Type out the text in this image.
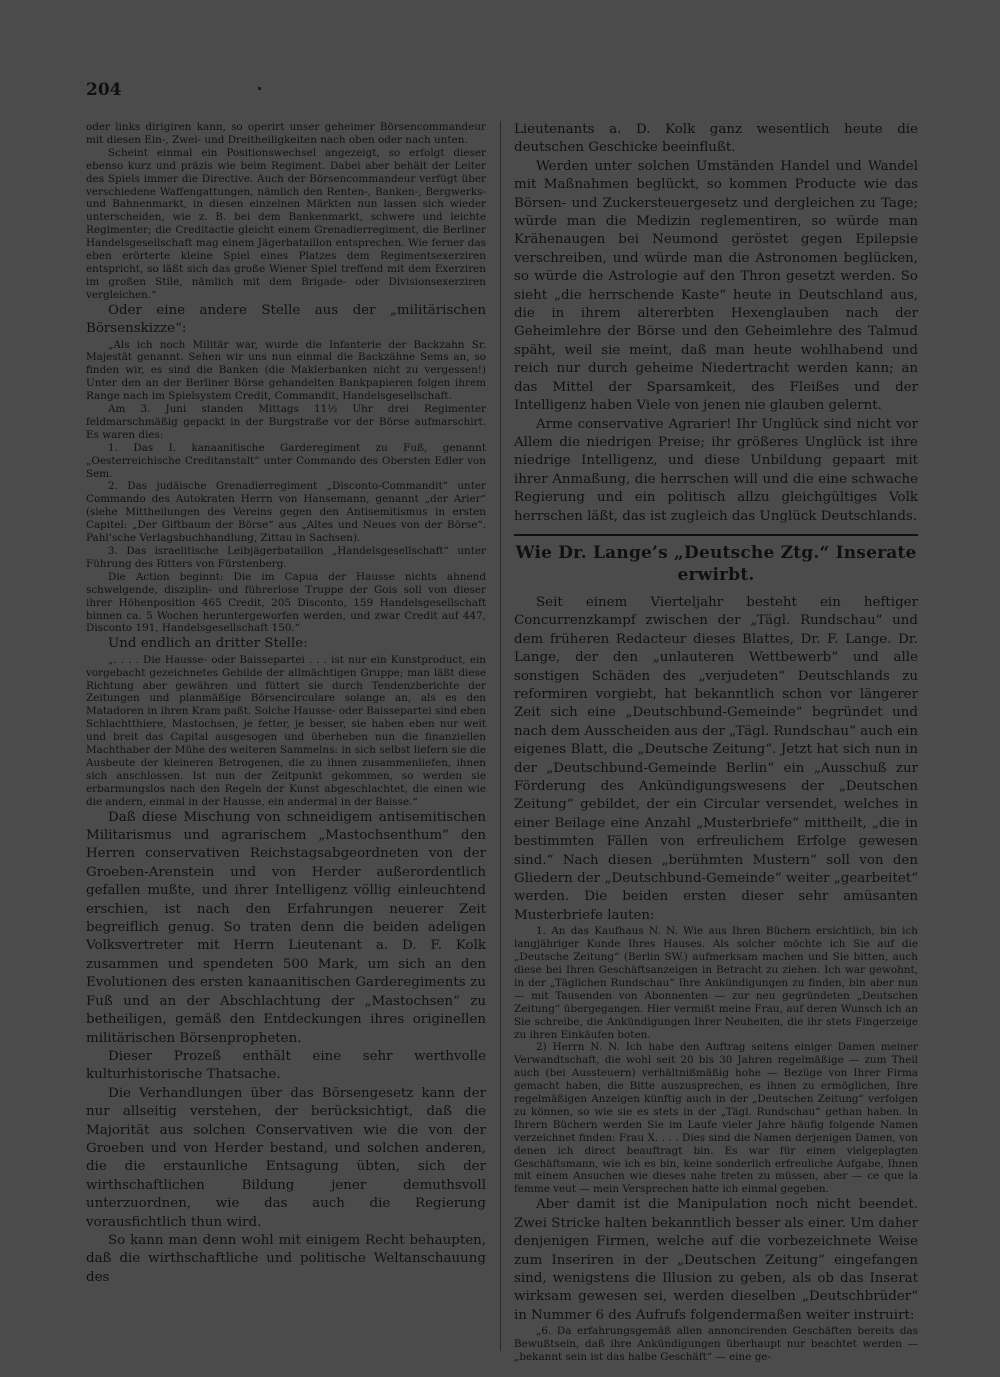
204

oder links dirigiren kann, so operirt unser geheimer Börsencommandeur mit diesen Ein-, Zwei- und Dreitheiligkeiten nach oben oder nach unten.

Scheint einmal ein Positionswechsel angezeigt, so erfolgt dieser ebenso kurz und präzis wie beim Regiment. Dabei aber behält der Leiter des Spiels immer die Directive. Auch der Börsencommandeur verfügt über verschiedene Waffengattungen, nämlich den Renten-, Banken-, Bergwerks- und Bahnenmarkt, in diesen einzelnen Märkten nun lassen sich wieder unterscheiden, wie z. B. bei dem Bankenmarkt, schwere und leichte Regimenter; die Creditactie gleicht einem Grenadierregiment, die Berliner Handelsgesellschaft mag einem Jägerbataillon entsprechen. Wie ferner das eben erörterte kleine Spiel eines Platzes dem Regimentsexerziren entspricht, so läßt sich das große Wiener Spiel treffend mit dem Exerziren im großen Stile, nämlich mit dem Brigade- oder Divisionsexerziren vergleichen.“

Oder eine andere Stelle aus der „militärischen Börsenskizze“:

„Als ich noch Militär war, wurde die Infanterie der Backzahn Sr. Majestät genannt. Sehen wir uns nun einmal die Backzähne Sems an, so finden wir, es sind die Banken (die Maklerbanken nicht zu vergessen!) Unter den an der Berliner Börse gehandelten Bankpapieren folgen ihrem Range nach im Spielsystem Credit, Commandit, Handelsgesellschaft.

Am 3. Juni standen Mittags 11½ Uhr drei Regimenter feldmarschmäßig gepackt in der Burgstraße vor der Börse aufmarschirt. Es waren dies:

1. Das I. kanaanitische Garderegiment zu Fuß, genannt „Oesterreichische Creditanstalt“ unter Commando des Obersten Edler von Sem.

2. Das judäische Grenadierregiment „Disconto-Commandit“ unter Commando des Autokraten Herrn von Hansemann, genannt „der Arier“ (siehe Mittheilungen des Vereins gegen den Antisemitismus in ersten Capitel: „Der Giftbaum der Börse“ aus „Altes und Neues von der Börse“. Pahl’sche Verlagsbuchhandlung, Zittau in Sachsen).

3. Das israelitische Leibjägerbataillon „Handelsgesellschaft“ unter Führung des Ritters von Fürstenberg.

Die Action beginnt: Die im Capua der Hausse nichts ahnend schwelgende, disziplin- und führerlose Truppe der Gois soll von dieser ihrer Höhenposition 465 Credit, 205 Disconto, 159 Handelsgesellschaft binnen ca. 5 Wochen heruntergeworfen werden, und zwar Credit auf 447, Disconto 191, Handelsgesellschaft 150.“

Und endlich an dritter Stelle:

„. . . . Die Hausse- oder Baissepartei . . . ist nur ein Kunstproduct, ein vorgebacht gezeichnetes Gebilde der allmächtigen Gruppe; man läßt diese Richtung aber gewähren und füttert sie durch Tendenzberichte der Zeitungen und planmäßige Börsencirculare solange an, als es den Matadoren in ihren Kram paßt. Solche Hausse- oder Baissepartei sind eben Schlachtthiere, Mastochsen, je fetter, je besser, sie haben eben nur weit und breit das Capital ausgesogen und überheben nun die finanziellen Machthaber der Mühe des weiteren Sammelns: in sich selbst liefern sie die Ausbeute der kleineren Betrogenen, die zu ihnen zusammenliefen, ihnen sich anschlossen. Ist nun der Zeitpunkt gekommen, so werden sie erbarmungslos nach den Regeln der Kunst abgeschlachtet, die einen wie die andern, einmal in der Hausse, ein andermal in der Baisse.“

Daß diese Mischung von schneidigem antisemitischen Militarismus und agrarischem „Mastochsenthum“ den Herren conservativen Reichstagsabgeordneten von der Groeben-Arenstein und von Herder außerordentlich gefallen mußte, und ihrer Intelligenz völlig einleuchtend erschien, ist nach den Erfahrungen neuerer Zeit begreiflich genug. So traten denn die beiden adeligen Volksvertreter mit Herrn Lieutenant a. D. F. Kolk zusammen und spendeten 500 Mark, um sich an den Evolutionen des ersten kanaanitischen Garderegiments zu Fuß und an der Abschlachtung der „Mastochsen“ zu betheiligen, gemäß den Entdeckungen ihres originellen militärischen Börsenpropheten.

Dieser Prozeß enthält eine sehr werthvolle kulturhistorische Thatsache.

Die Verhandlungen über das Börsengesetz kann der nur allseitig verstehen, der berücksichtigt, daß die Majorität aus solchen Conservativen wie die von der Groeben und von Herder bestand, und solchen anderen, die die erstaunliche Entsagung übten, sich der wirthschaftlichen Bildung jener demuthsvoll unterzuordnen, wie das auch die Regierung vorausfichtlich thun wird.

So kann man denn wohl mit einigem Recht behaupten, daß die wirthschaftliche und politische Weltanschauung des

Lieutenants a. D. Kolk ganz wesentlich heute die deutschen Geschicke beeinflußt.

Werden unter solchen Umständen Handel und Wandel mit Maßnahmen beglückt, so kommen Producte wie das Börsen- und Zuckersteuergesetz und dergleichen zu Tage; würde man die Medizin reglementiren, so würde man Krähenaugen bei Neumond geröstet gegen Epilepsie verschreiben, und würde man die Astronomen beglücken, so würde die Astrologie auf den Thron gesetzt werden. So sieht „die herrschende Kaste“ heute in Deutschland aus, die in ihrem altererbten Hexenglauben nach der Geheimlehre der Börse und den Geheimlehre des Talmud späht, weil sie meint, daß man heute wohlhabend und reich nur durch geheime Niedertracht werden kann; an das Mittel der Sparsamkeit, des Fleißes und der Intelligenz haben Viele von jenen nie glauben gelernt.

Arme conservative Agrarier! Ihr Unglück sind nicht vor Allem die niedrigen Preise; ihr größeres Unglück ist ihre niedrige Intelligenz, und diese Unbildung gepaart mit ihrer Anmaßung, die herrschen will und die eine schwache Regierung und ein politisch allzu gleichgültiges Volk herrschen läßt, das ist zugleich das Unglück Deutschlands.

Wie Dr. Lange’s „Deutsche Ztg.“ Inserate erwirbt.

Seit einem Vierteljahr besteht ein heftiger Concurrenzkampf zwischen der „Tägl. Rundschau“ und dem früheren Redacteur dieses Blattes, Dr. F. Lange. Dr. Lange, der den „unlauteren Wettbewerb“ und alle sonstigen Schäden des „verjudeten“ Deutschlands zu reformiren vorgiebt, hat bekanntlich schon vor längerer Zeit sich eine „Deutschbund-Gemeinde“ begründet und nach dem Ausscheiden aus der „Tägl. Rundschau“ auch ein eigenes Blatt, die „Deutsche Zeitung“. Jetzt hat sich nun in der „Deutschbund-Gemeinde Berlin“ ein „Ausschuß zur Förderung des Ankündigungswesens der „Deutschen Zeitung“ gebildet, der ein Circular versendet, welches in einer Beilage eine Anzahl „Musterbriefe“ mittheilt, „die in bestimmten Fällen von erfreulichem Erfolge gewesen sind.“ Nach diesen „berühmten Mustern“ soll von den Gliedern der „Deutschbund-Gemeinde“ weiter „gearbeitet“ werden. Die beiden ersten dieser sehr amüsanten Musterbriefe lauten:

1. An das Kaufhaus N. N. Wie aus Ihren Büchern ersichtlich, bin ich langjähriger Kunde Ihres Hauses. Als solcher möchte ich Sie auf die „Deutsche Zeitung“ (Berlin SW.) aufmerksam machen und Sie bitten, auch diese bei Ihren Geschäftsanzeigen in Betracht zu ziehen. Ich war gewohnt, in der „Täglichen Rundschau“ Ihre Ankündigungen zu finden, bin aber nun — mit Tausenden von Abonnenten — zur neu gegründeten „Deutschen Zeitung“ übergegangen. Hier vermißt meine Frau, auf deren Wunsch ich an Sie schreibe, die Ankündigungen Ihrer Neuheiten, die ihr stets Fingerzeige zu ihren Einkäufen boten.

2) Herrn N. N. Ich habe den Auftrag seitens einiger Damen meiner Verwandtschaft, die wohl seit 20 bis 30 Jahren regelmäßige — zum Theil auch (bei Aussteuern) verhältnißmäßig hohe — Bezüge von Ihrer Firma gemacht haben, die Bitte auszusprechen, es ihnen zu ermöglichen, Ihre regelmäßigen Anzeigen künftig auch in der „Deutschen Zeitung“ verfolgen zu können, so wie sie es stets in der „Tägl. Rundschau“ gethan haben. In Ihrern Büchern werden Sie im Laufe vieler Jahre häufig folgende Namen verzeichnet finden: Frau X. . . . Dies sind die Namen derjenigen Damen, von denen ich direct beauftragt bin. Es war für einen vielgeplagten Geschäftsmann, wie ich es bin, keine sonderlich erfreuliche Aufgabe, Ihnen mit einem Ansuchen wie dieses nahe treten zu müssen, aber — ce que la femme veut — mein Versprechen hatte ich einmal gegeben.

Aber damit ist die Manipulation noch nicht beendet. Zwei Stricke halten bekanntlich besser als einer. Um daher denjenigen Firmen, welche auf die vorbezeichnete Weise zum Inseriren in der „Deutschen Zeitung“ eingefangen sind, wenigstens die Illusion zu geben, als ob das Inserat wirksam gewesen sei, werden dieselben „Deutschbrüder“ in Nummer 6 des Aufrufs folgendermaßen weiter instruirt:

„6. Da erfahrungsgemäß allen annoncirenden Geschäften bereits das Bewußtsein, daß ihre Ankündigungen überhaupt nur beachtet werden — „bekannt sein ist das halbe Geschäft“ — eine ge-
